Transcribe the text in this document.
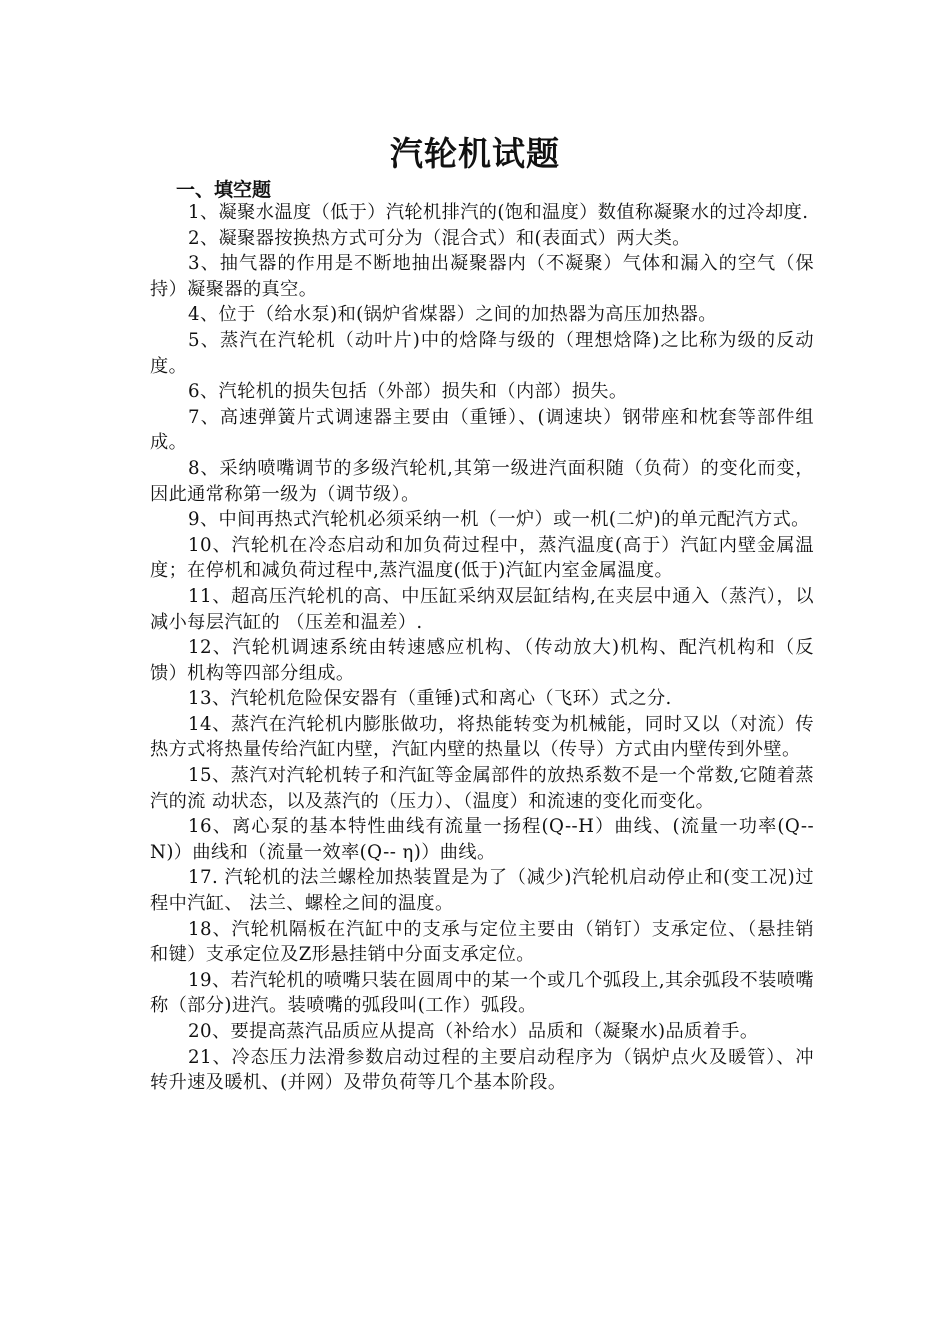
汽轮机试题
一、填空题
1、凝聚水温度（低于）汽轮机排汽的(饱和温度）数值称凝聚水的过冷却度.
2、凝聚器按换热方式可分为（混合式）和(表面式）两大类。
3、抽气器的作用是不断地抽出凝聚器内（不凝聚）气体和漏入的空气（保持）凝聚器的真空。
4、位于（给水泵)和(锅炉省煤器）之间的加热器为高压加热器。
5、蒸汽在汽轮机（动叶片)中的焓降与级的（理想焓降)之比称为级的反动度。
6、汽轮机的损失包括（外部）损失和（内部）损失。
7、高速弹簧片式调速器主要由（重锤）、(调速块）钢带座和枕套等部件组成。
8、采纳喷嘴调节的多级汽轮机,其第一级进汽面积随（负荷）的变化而变，因此通常称第一级为（调节级）。
9、中间再热式汽轮机必须采纳一机（一炉）或一机(二炉)的单元配汽方式。
10、汽轮机在冷态启动和加负荷过程中，蒸汽温度(高于）汽缸内壁金属温度；在停机和减负荷过程中,蒸汽温度(低于)汽缸内室金属温度。
11、超高压汽轮机的高、中压缸采纳双层缸结构,在夹层中通入（蒸汽），以减小每层汽缸的 （压差和温差）.
12、汽轮机调速系统由转速感应机构、（传动放大)机构、配汽机构和（反馈）机构等四部分组成。
13、汽轮机危险保安器有（重锤)式和离心（飞环）式之分.
14、蒸汽在汽轮机内膨胀做功，将热能转变为机械能，同时又以（对流）传热方式将热量传给汽缸内壁，汽缸内壁的热量以（传导）方式由内壁传到外壁。
15、蒸汽对汽轮机转子和汽缸等金属部件的放热系数不是一个常数,它随着蒸汽的流 动状态，以及蒸汽的（压力）、（温度）和流速的变化而变化。
16、离心泵的基本特性曲线有流量一扬程(Q--H）曲线、(流量一功率(Q--N)）曲线和（流量一效率(Q-- η)）曲线。
17. 汽轮机的法兰螺栓加热装置是为了（减少)汽轮机启动停止和(变工况)过程中汽缸、 法兰、螺栓之间的温度。
18、汽轮机隔板在汽缸中的支承与定位主要由（销钉）支承定位、（悬挂销和键）支承定位及Z形悬挂销中分面支承定位。
19、若汽轮机的喷嘴只装在圆周中的某一个或几个弧段上,其余弧段不装喷嘴称（部分)进汽。装喷嘴的弧段叫(工作）弧段。
20、要提高蒸汽品质应从提高（补给水）品质和（凝聚水)品质着手。
21、冷态压力法滑参数启动过程的主要启动程序为（锅炉点火及暖管）、冲转升速及暖机、(并网）及带负荷等几个基本阶段。
